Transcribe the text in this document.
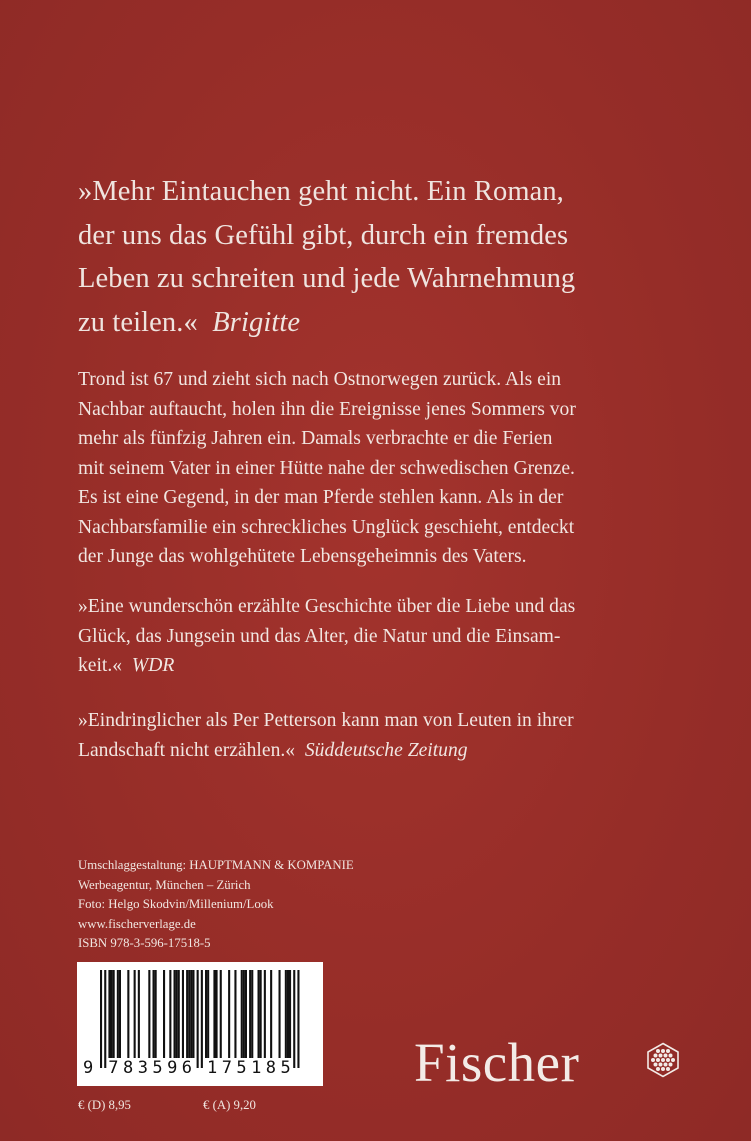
»Mehr Eintauchen geht nicht. Ein Roman,
der uns das Gefühl gibt, durch ein fremdes
Leben zu schreiten und jede Wahrnehmung
zu teilen.« Brigitte
Trond ist 67 und zieht sich nach Ostnorwegen zurück. Als ein
Nachbar auftaucht, holen ihn die Ereignisse jenes Sommers vor
mehr als fünfzig Jahren ein. Damals verbrachte er die Ferien
mit seinem Vater in einer Hütte nahe der schwedischen Grenze.
Es ist eine Gegend, in der man Pferde stehlen kann. Als in der
Nachbarsfamilie ein schreckliches Unglück geschieht, entdeckt
der Junge das wohlgehütete Lebensgeheimnis des Vaters.
»Eine wunderschön erzählte Geschichte über die Liebe und das
Glück, das Jungsein und das Alter, die Natur und die Einsam-
keit.« WDR
»Eindringlicher als Per Petterson kann man von Leuten in ihrer
Landschaft nicht erzählen.« Süddeutsche Zeitung
Umschlaggestaltung: HAUPTMANN & KOMPANIE
Werbeagentur, München – Zürich
Foto: Helgo Skodvin/Millenium/Look
www.fischerverlage.de
ISBN 978-3-596-17518-5
9 7 8 3 5 9 6 1 7 5 1 8 5
€ (D) 8,95	€ (A) 9,20
Fischer
